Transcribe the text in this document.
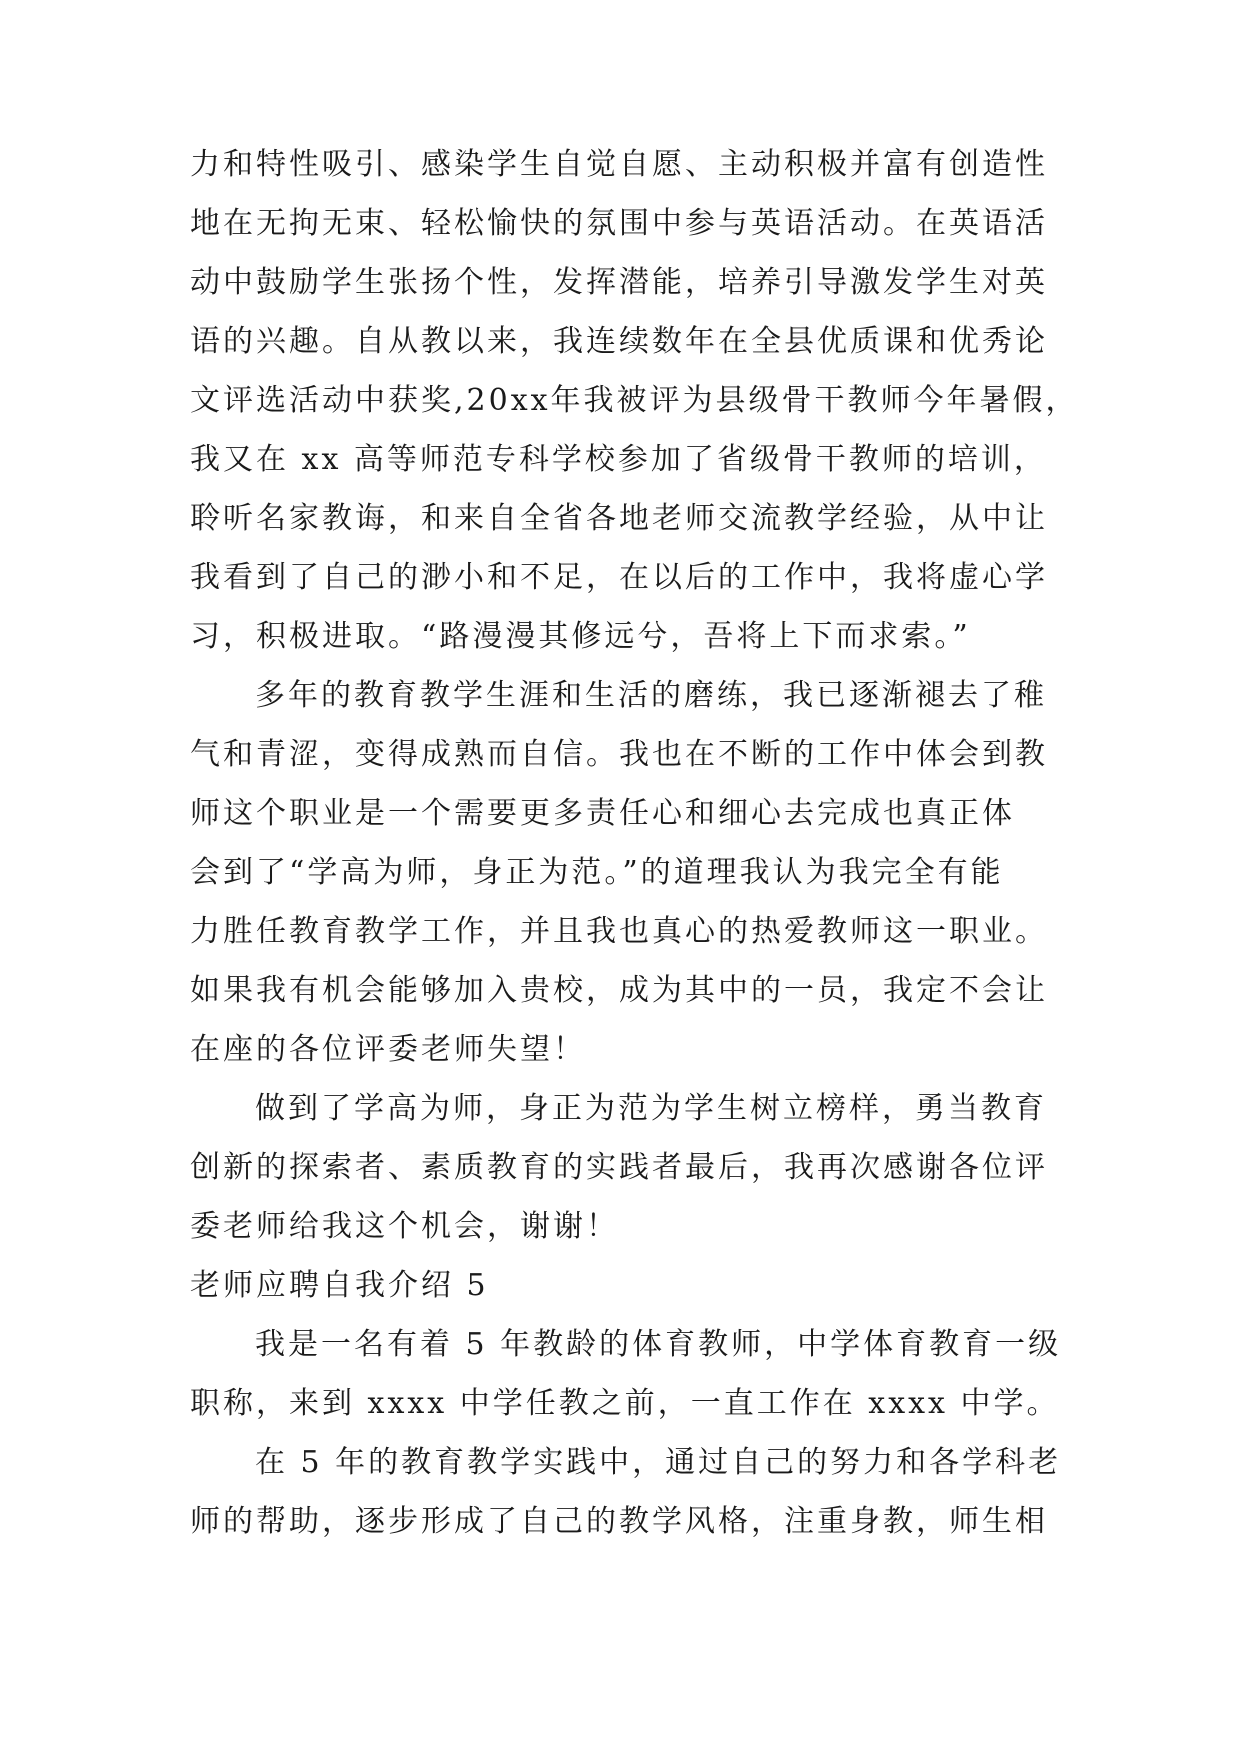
力和特性吸引、感染学生自觉自愿、主动积极并富有创造性
地在无拘无束、轻松愉快的氛围中参与英语活动。在英语活
动中鼓励学生张扬个性，发挥潜能，培养引导激发学生对英
语的兴趣。自从教以来，我连续数年在全县优质课和优秀论
文评选活动中获奖,20xx年我被评为县级骨干教师今年暑假，
我又在 xx 高等师范专科学校参加了省级骨干教师的培训，
聆听名家教诲，和来自全省各地老师交流教学经验，从中让
我看到了自己的渺小和不足，在以后的工作中，我将虚心学
习，积极进取。“路漫漫其修远兮，吾将上下而求索。”
多年的教育教学生涯和生活的磨练，我已逐渐褪去了稚
气和青涩，变得成熟而自信。我也在不断的工作中体会到教
师这个职业是一个需要更多责任心和细心去完成也真正体
会到了“学高为师，身正为范。”的道理我认为我完全有能
力胜任教育教学工作，并且我也真心的热爱教师这一职业。
如果我有机会能够加入贵校，成为其中的一员，我定不会让
在座的各位评委老师失望！
做到了学高为师，身正为范为学生树立榜样，勇当教育
创新的探索者、素质教育的实践者最后，我再次感谢各位评
委老师给我这个机会，谢谢！
老师应聘自我介绍 5
我是一名有着 5 年教龄的体育教师，中学体育教育一级
职称，来到 xxxx 中学任教之前，一直工作在 xxxx 中学。
在 5 年的教育教学实践中，通过自己的努力和各学科老
师的帮助，逐步形成了自己的教学风格，注重身教，师生相
